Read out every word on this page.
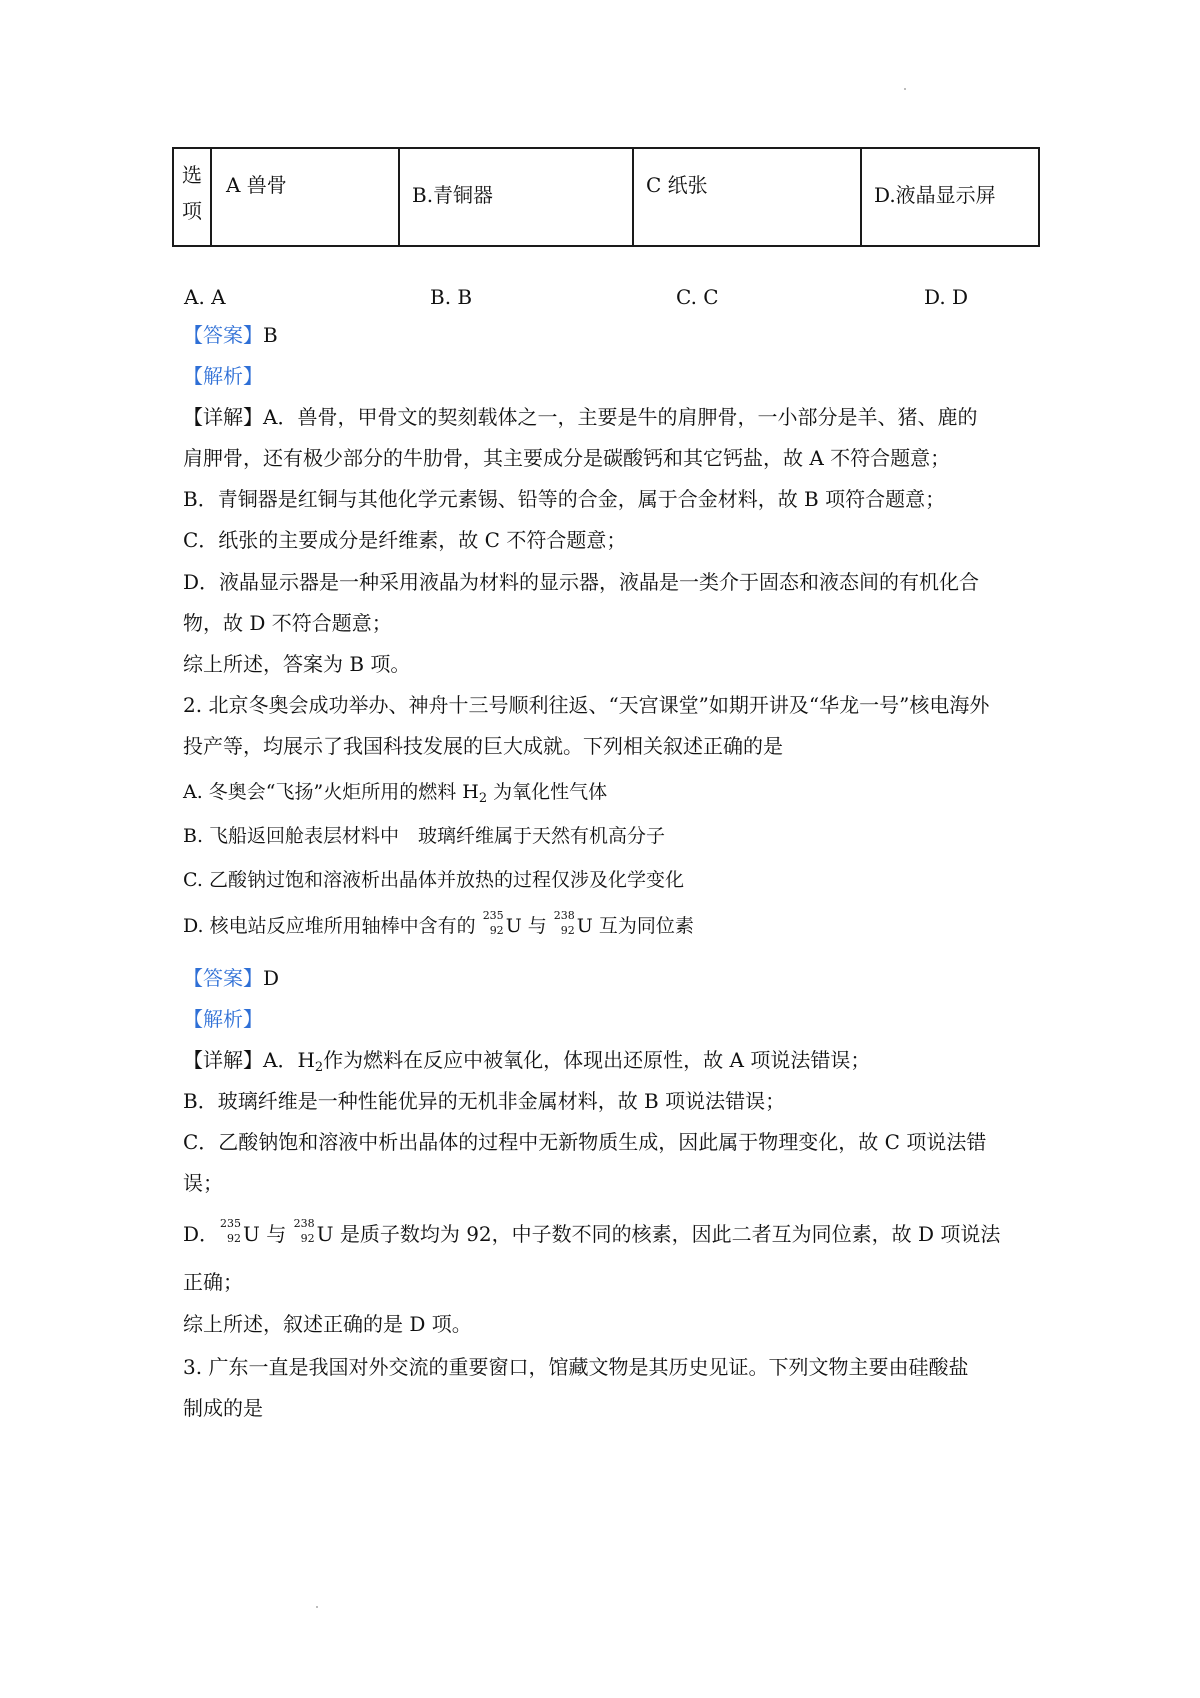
选
项
	A 兽骨	B.青铜器	C 纸张	D.液晶显示屏
A. A	B. B	C. C	D. D
【答案】B
【解析】
【详解】A．兽骨，甲骨文的契刻载体之一，主要是牛的肩胛骨，一小部分是羊、猪、鹿的
肩胛骨，还有极少部分的牛肋骨，其主要成分是碳酸钙和其它钙盐，故 A 不符合题意；
B．青铜器是红铜与其他化学元素锡、铅等的合金，属于合金材料，故 B 项符合题意；
C．纸张的主要成分是纤维素，故 C 不符合题意；
D．液晶显示器是一种采用液晶为材料的显示器，液晶是一类介于固态和液态间的有机化合
物，故 D 不符合题意；
综上所述，答案为 B 项。
2. 北京冬奥会成功举办、神舟十三号顺利往返、“天宫课堂”如期开讲及“华龙一号”核电海外
投产等，均展示了我国科技发展的巨大成就。下列相关叙述正确的是
A. 冬奥会“飞扬”火炬所用的燃料 $H_2$ 为氧化性气体
B. 飞船返回舱表层材料中　玻璃纤维属于天然有机高分子
C. 乙酸钠过饱和溶液析出晶体并放热的过程仅涉及化学变化
D. 核电站反应堆所用轴棒中含有的 235
92 U 与 238
92 U 互为同位素
【答案】D
【解析】
【详解】A．$H_2$作为燃料在反应中被氧化，体现出还原性，故 A 项说法错误；
B．玻璃纤维是一种性能优异的无机非金属材料，故 B 项说法错误；
C．乙酸钠饱和溶液中析出晶体的过程中无新物质生成，因此属于物理变化，故 C 项说法错
误；
D． 235
92 U 与 238
92 U 是质子数均为 92，中子数不同的核素，因此二者互为同位素，故 D 项说法
正确；
综上所述，叙述正确的是 D 项。
3. 广东一直是我国对外交流的重要窗口，馆藏文物是其历史见证。下列文物主要由硅酸盐
制成的是
